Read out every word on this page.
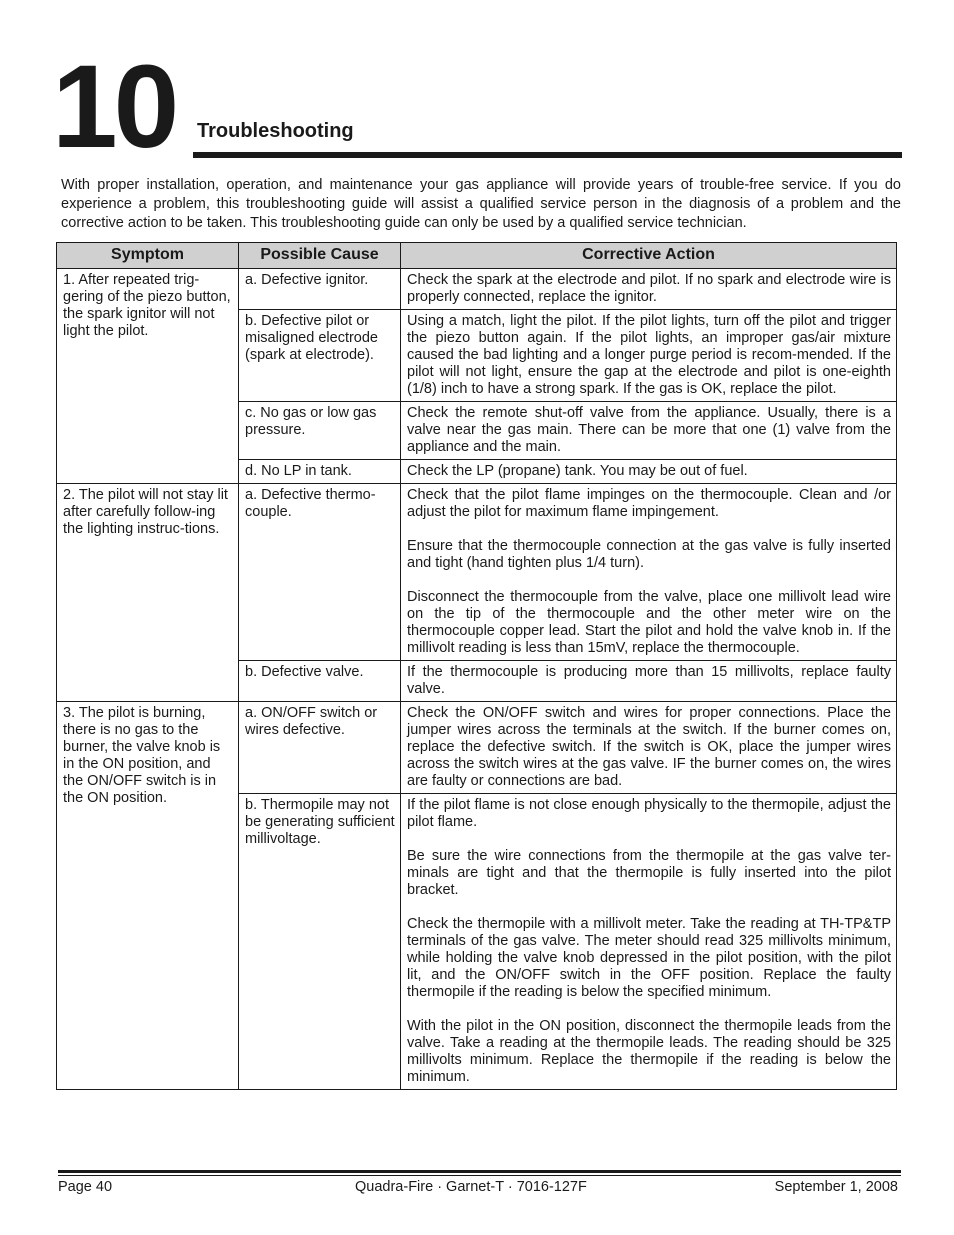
10 Troubleshooting
With proper installation, operation, and maintenance your gas appliance will provide years of trouble-free service. If you do experience a problem, this troubleshooting guide will assist a qualified service person in the diagnosis of a problem and the corrective action to be taken. This troubleshooting guide can only be used by a qualified service technician.
Symptom	Possible Cause	Corrective Action
1. After repeated trig-gering of the piezo button, the spark ignitor will not light the pilot.	a. Defective ignitor.	Check the spark at the electrode and pilot. If no spark and electrode wire is properly connected, replace the ignitor.

	b. Defective pilot or misaligned electrode (spark at electrode).	Using a match, light the pilot. If the pilot lights, turn off the pilot and trigger the piezo button again. If the pilot lights, an improper gas/air mixture caused the bad lighting and a longer purge period is recom-mended. If the pilot will not light, ensure the gap at the electrode and pilot is one-eighth (1/8) inch to have a strong spark. If the gas is OK, replace the pilot.

	c. No gas or low gas pressure.	Check the remote shut-off valve from the appliance. Usually, there is a valve near the gas main. There can be more that one (1) valve from the appliance and the main.

	d. No LP in tank.	Check the LP (propane) tank. You may be out of fuel.

2. The pilot will not stay lit after carefully follow-ing the lighting instruc-tions.	a. Defective thermo-couple.	Check that the pilot flame impinges on the thermocouple. Clean and /or adjust the pilot for maximum flame impingement.

Ensure that the thermocouple connection at the gas valve is fully inserted and tight (hand tighten plus 1/4 turn).

Disconnect the thermocouple from the valve, place one millivolt lead wire on the tip of the thermocouple and the other meter wire on the thermocouple copper lead. Start the pilot and hold the valve knob in. If the millivolt reading is less than 15mV, replace the thermocouple.

	b. Defective valve.	If the thermocouple is producing more than 15 millivolts, replace faulty valve.

3. The pilot is burning, there is no gas to the burner, the valve knob is in the ON position, and the ON/OFF switch is in the ON position.	a. ON/OFF switch or wires defective.	Check the ON/OFF switch and wires for proper connections. Place the jumper wires across the terminals at the switch. If the burner comes on, replace the defective switch. If the switch is OK, place the jumper wires across the switch wires at the gas valve. IF the burner comes on, the wires are faulty or connections are bad.

	b. Thermopile may not be generating sufficient millivoltage.	If the pilot flame is not close enough physically to the thermopile, adjust the pilot flame.

Be sure the wire connections from the thermopile at the gas valve ter-minals are tight and that the thermopile is fully inserted into the pilot bracket.

Check the thermopile with a millivolt meter. Take the reading at TH-TP&TP terminals of the gas valve. The meter should read 325 millivolts minimum, while holding the valve knob depressed in the pilot position, with the pilot lit, and the ON/OFF switch in the OFF position. Replace the faulty thermopile if the reading is below the specified minimum.

With the pilot in the ON position, disconnect the thermopile leads from the valve. Take a reading at the thermopile leads. The reading should be 325 millivolts minimum. Replace the thermopile if the reading is below the minimum.

Page 40	Quadra-Fire · Garnet-T · 7016-127F	September 1, 2008
